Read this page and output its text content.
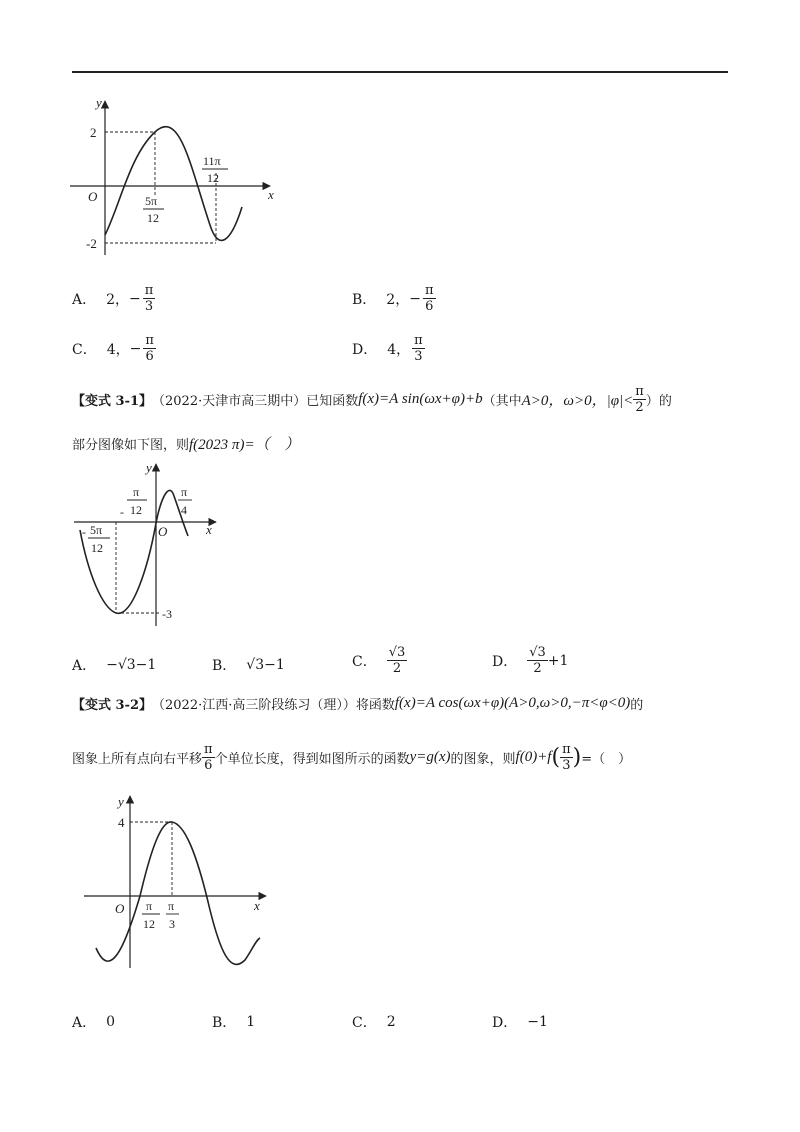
y
x
O
2
-2
5π
12
11π
12
A． 2， − $\frac{\pi}{3}$	B． 2， − $\frac{\pi}{6}$
C． 4， − $\frac{\pi}{6}$	D． 4， $\frac{\pi}{3}$
【变式 3-1】 （2022·天津市高三期中）已知函数 f(x)=A sin(ωx+φ)+b （其中 A>0，ω>0，$|\varphi|< \frac{\pi}{2}$ ）的
部分图像如下图，则 f(2023 π)=（　）
y
x
O
-3
-
π
12
π
4
- 5π
12
A． −√3−1	B． √3−1	C． $\frac{√3}{2}$	D． $\frac{√3}{2} +1$
【变式 3-2】 （2022·江西·高三阶段练习（理））将函数 f(x)=A cos(ωx+φ)(A>0,ω>0,−π<φ<0) 的
图象上所有点向右平移 $\frac{\pi}{6}$ 个单位长度，得到如图所示的函数 y=g(x) 的图象，则 f(0)+f ( $\frac{\pi}{3}$ ) =（　）
y
x
O
4
π
12
π
3
A． 0	B． 1	C． 2	D． −1
